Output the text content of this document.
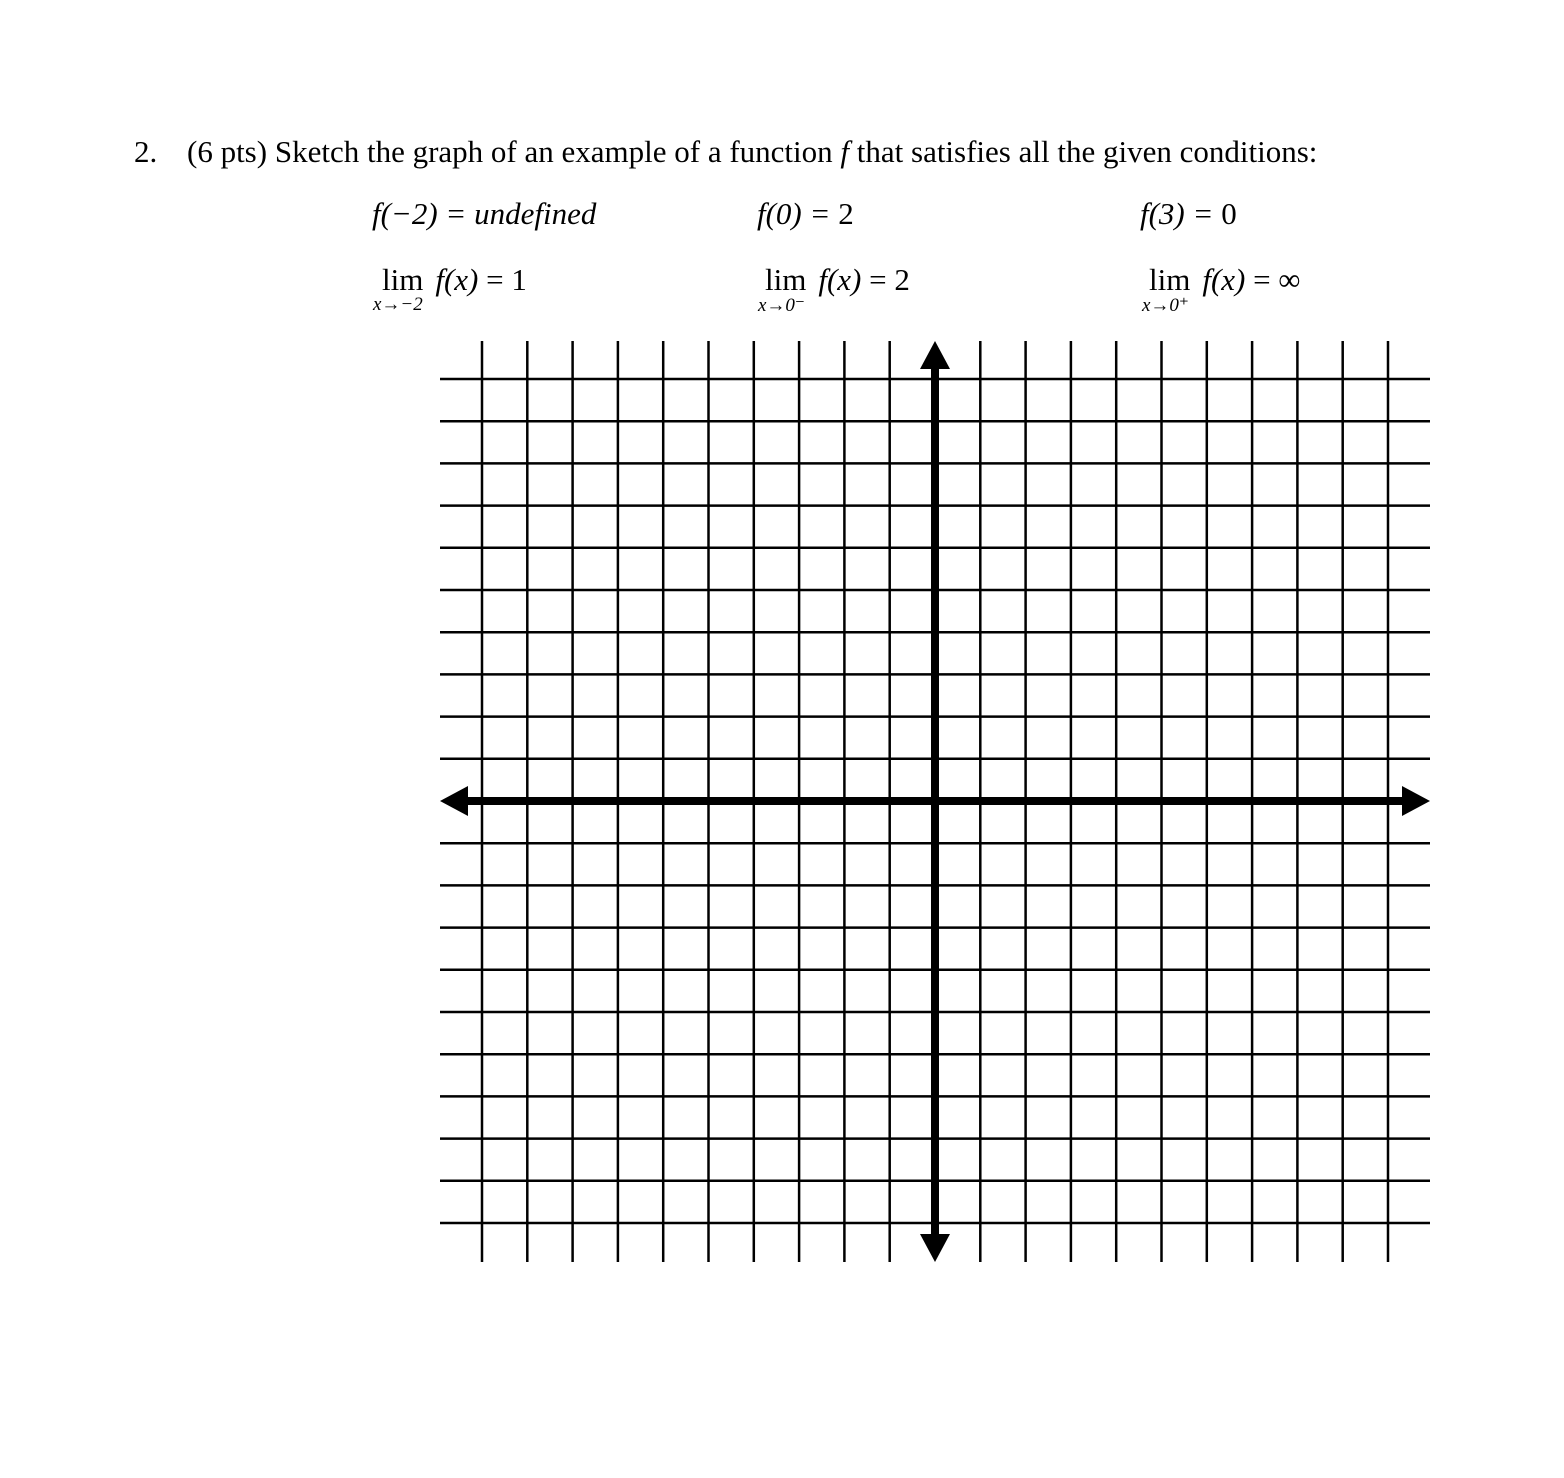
2. (6 pts) Sketch the graph of an example of a function f that satisfies all the given conditions:
f(−2) = undefined	f(0) = 2	f(3) = 0
lim f(x) = 1
x→−2
lim f(x) = 2
x→0⁻
lim f(x) = ∞
x→0⁺
